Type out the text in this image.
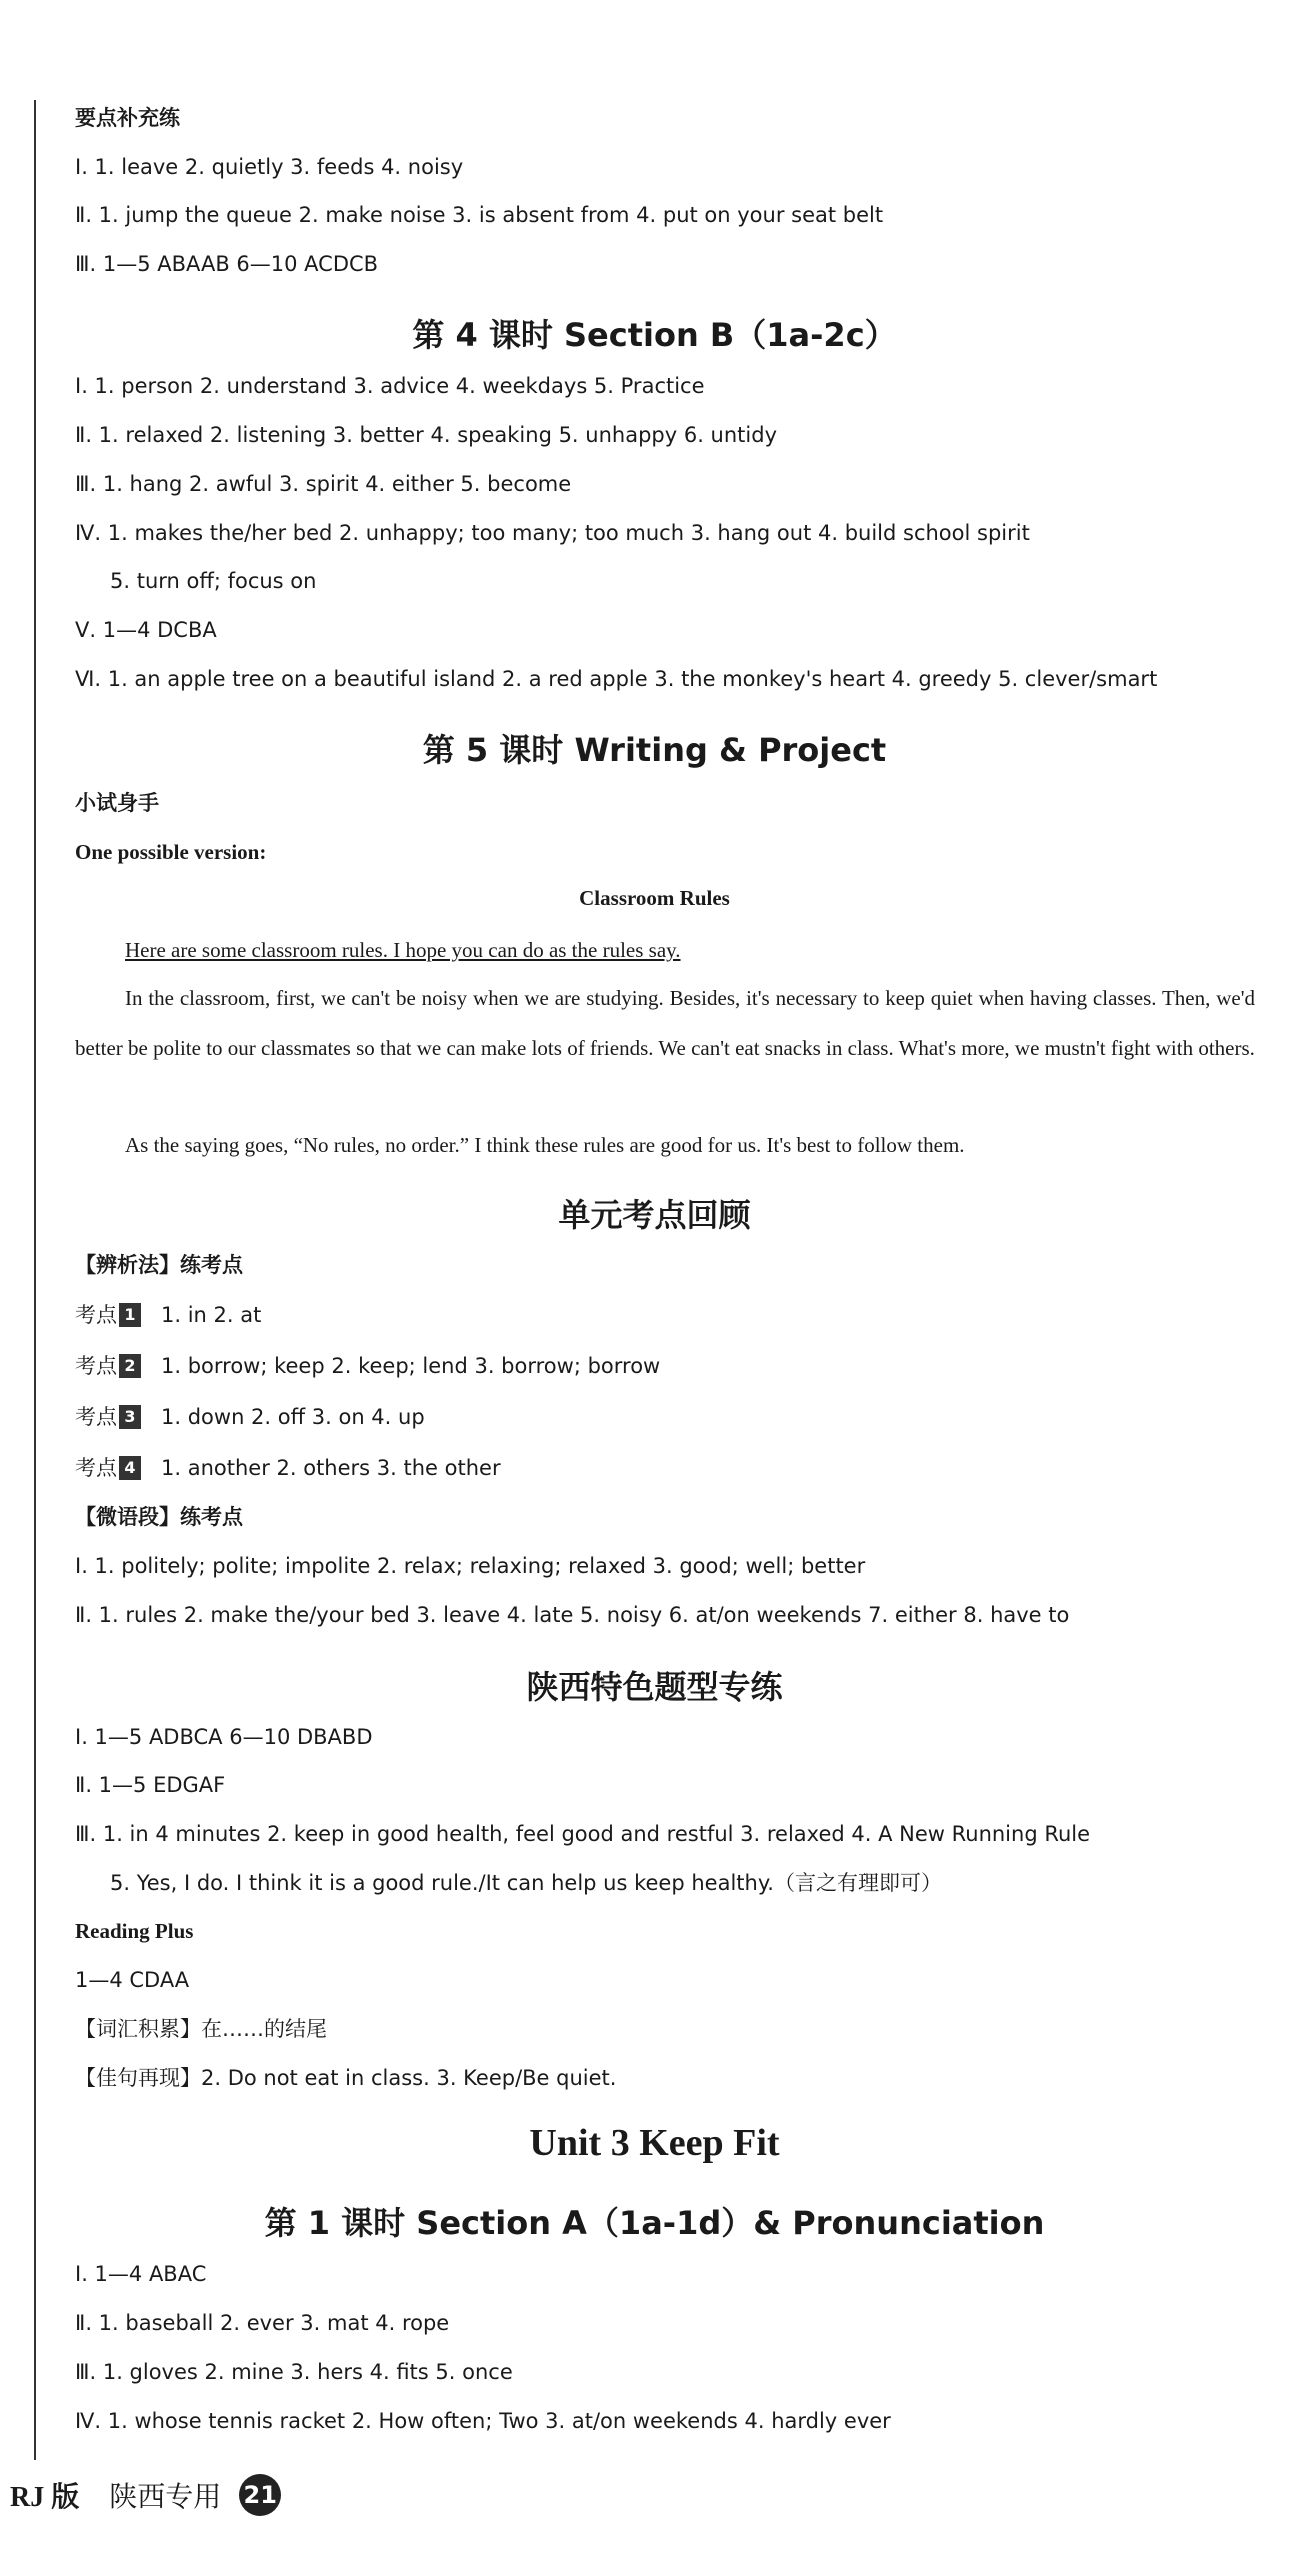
要点补充练
Ⅰ. 1. leave 2. quietly 3. feeds 4. noisy
Ⅱ. 1. jump the queue 2. make noise 3. is absent from 4. put on your seat belt
Ⅲ. 1—5 ABAAB 6—10 ACDCB
第 4 课时 Section B（1a-2c）
Ⅰ. 1. person 2. understand 3. advice 4. weekdays 5. Practice
Ⅱ. 1. relaxed 2. listening 3. better 4. speaking 5. unhappy 6. untidy
Ⅲ. 1. hang 2. awful 3. spirit 4. either 5. become
Ⅳ. 1. makes the/her bed 2. unhappy; too many; too much 3. hang out 4. build school spirit
5. turn off; focus on
Ⅴ. 1—4 DCBA
Ⅵ. 1. an apple tree on a beautiful island 2. a red apple 3. the monkey's heart 4. greedy 5. clever/smart
第 5 课时 Writing & Project
小试身手
One possible version:
Classroom Rules
Here are some classroom rules. I hope you can do as the rules say.
In the classroom, first, we can't be noisy when we are studying. Besides, it's necessary to keep quiet when having classes. Then, we'd better be polite to our classmates so that we can make lots of friends. We can't eat snacks in class. What's more, we mustn't fight with others.
As the saying goes, “No rules, no order.” I think these rules are good for us. It's best to follow them.
单元考点回顾
【辨析法】练考点
考点 1 1. in 2. at
考点 2 1. borrow; keep 2. keep; lend 3. borrow; borrow
考点 3 1. down 2. off 3. on 4. up
考点 4 1. another 2. others 3. the other
【微语段】练考点
Ⅰ. 1. politely; polite; impolite 2. relax; relaxing; relaxed 3. good; well; better
Ⅱ. 1. rules 2. make the/your bed 3. leave 4. late 5. noisy 6. at/on weekends 7. either 8. have to
陕西特色题型专练
Ⅰ. 1—5 ADBCA 6—10 DBABD
Ⅱ. 1—5 EDGAF
Ⅲ. 1. in 4 minutes 2. keep in good health, feel good and restful 3. relaxed 4. A New Running Rule
5. Yes, I do. I think it is a good rule./It can help us keep healthy.（言之有理即可）
Reading Plus
1—4 CDAA
【词汇积累】在……的结尾
【佳句再现】2. Do not eat in class. 3. Keep/Be quiet.
Unit 3 Keep Fit
第 1 课时 Section A（1a-1d）& Pronunciation
Ⅰ. 1—4 ABAC
Ⅱ. 1. baseball 2. ever 3. mat 4. rope
Ⅲ. 1. gloves 2. mine 3. hers 4. fits 5. once
Ⅳ. 1. whose tennis racket 2. How often; Two 3. at/on weekends 4. hardly ever
RJ 版 陕西专用 21
